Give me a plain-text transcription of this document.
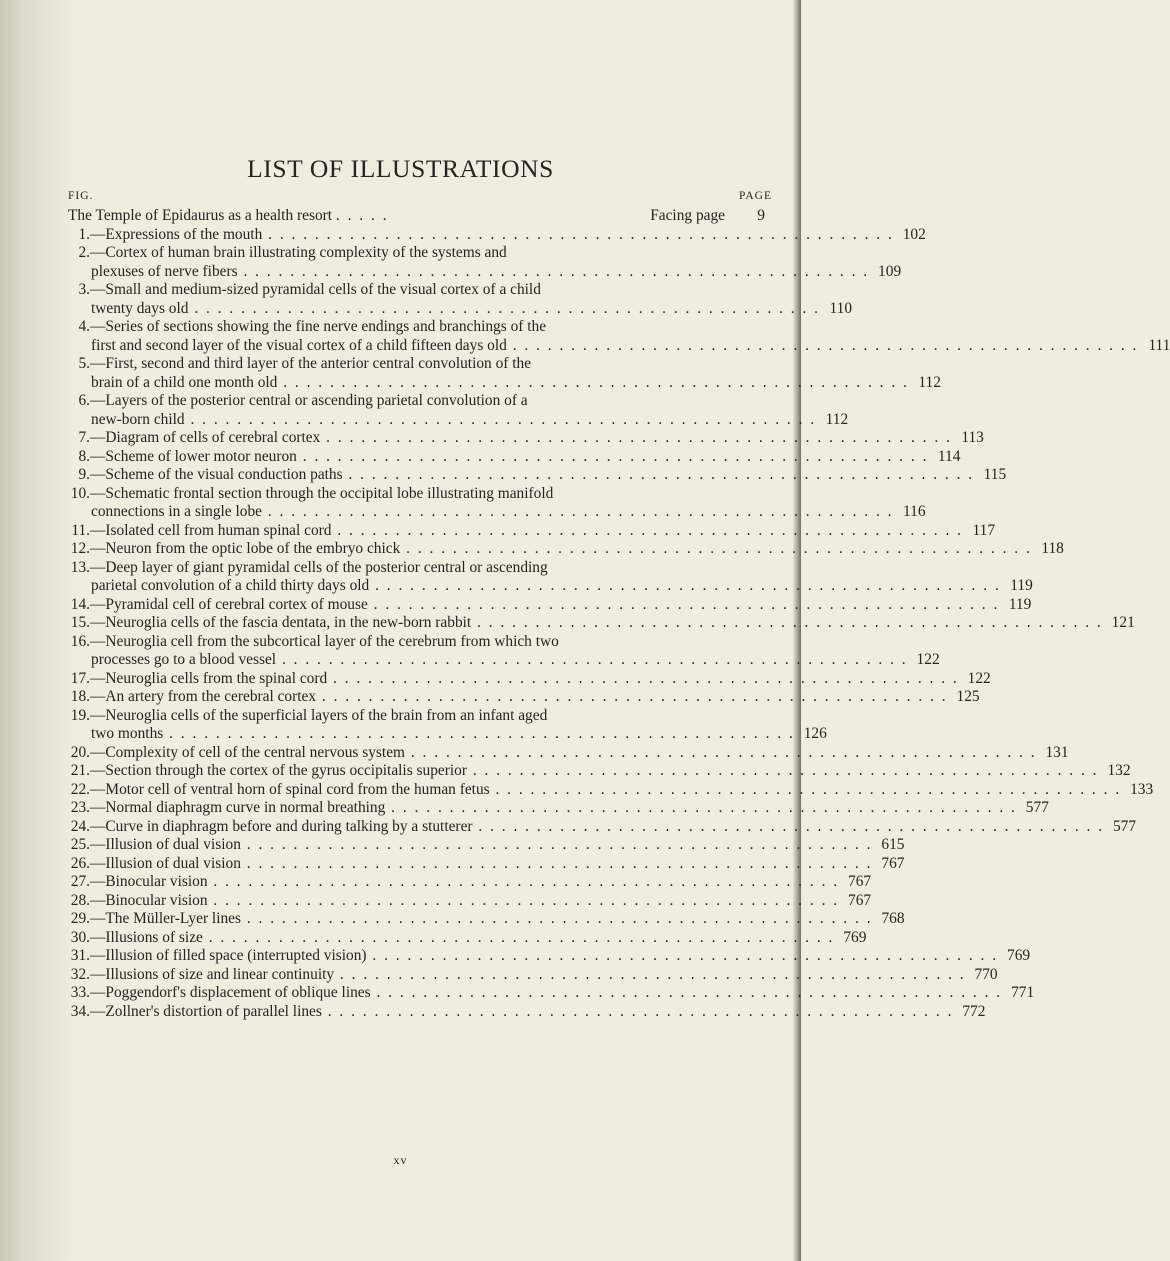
LIST OF ILLUSTRATIONS
FIG.	PAGE
The Temple of Epidaurus as a health resort . . . . .	Facing page	9
1. — Expressions of the mouth . . . . . . . . . . . . . . . . . . . . . . . . . . . . . . . . . . . . . . . . . . . . . . . . . . . . . . 102
2. — Cortex of human brain illustrating complexity of the systems and
plexuses of nerve fibers . . . . . . . . . . . . . . . . . . . . . . . . . . . . . . . . . . . . . . . . . . . . . . . . . . . . . . 109
3. — Small and medium-sized pyramidal cells of the visual cortex of a child
twenty days old . . . . . . . . . . . . . . . . . . . . . . . . . . . . . . . . . . . . . . . . . . . . . . . . . . . . . . 110
4. — Series of sections showing the fine nerve endings and branchings of the
first and second layer of the visual cortex of a child fifteen days old . . . . . . . . . . . . . . . . . . . . . . . . . . . . . . . . . . . . . . . . . . . . . . . . . . . . . . 111
5. — First, second and third layer of the anterior central convolution of the
brain of a child one month old . . . . . . . . . . . . . . . . . . . . . . . . . . . . . . . . . . . . . . . . . . . . . . . . . . . . . . 112
6. — Layers of the posterior central or ascending parietal convolution of a
new-born child . . . . . . . . . . . . . . . . . . . . . . . . . . . . . . . . . . . . . . . . . . . . . . . . . . . . . . 112
7. — Diagram of cells of cerebral cortex . . . . . . . . . . . . . . . . . . . . . . . . . . . . . . . . . . . . . . . . . . . . . . . . . . . . . . 113
8. — Scheme of lower motor neuron . . . . . . . . . . . . . . . . . . . . . . . . . . . . . . . . . . . . . . . . . . . . . . . . . . . . . . 114
9. — Scheme of the visual conduction paths . . . . . . . . . . . . . . . . . . . . . . . . . . . . . . . . . . . . . . . . . . . . . . . . . . . . . . 115
10. — Schematic frontal section through the occipital lobe illustrating manifold
connections in a single lobe . . . . . . . . . . . . . . . . . . . . . . . . . . . . . . . . . . . . . . . . . . . . . . . . . . . . . . 116
11. — Isolated cell from human spinal cord . . . . . . . . . . . . . . . . . . . . . . . . . . . . . . . . . . . . . . . . . . . . . . . . . . . . . . 117
12. — Neuron from the optic lobe of the embryo chick . . . . . . . . . . . . . . . . . . . . . . . . . . . . . . . . . . . . . . . . . . . . . . . . . . . . . . 118
13. — Deep layer of giant pyramidal cells of the posterior central or ascending
parietal convolution of a child thirty days old . . . . . . . . . . . . . . . . . . . . . . . . . . . . . . . . . . . . . . . . . . . . . . . . . . . . . . 119
14. — Pyramidal cell of cerebral cortex of mouse . . . . . . . . . . . . . . . . . . . . . . . . . . . . . . . . . . . . . . . . . . . . . . . . . . . . . . 119
15. — Neuroglia cells of the fascia dentata, in the new-born rabbit . . . . . . . . . . . . . . . . . . . . . . . . . . . . . . . . . . . . . . . . . . . . . . . . . . . . . . 121
16. — Neuroglia cell from the subcortical layer of the cerebrum from which two
processes go to a blood vessel . . . . . . . . . . . . . . . . . . . . . . . . . . . . . . . . . . . . . . . . . . . . . . . . . . . . . . 122
17. — Neuroglia cells from the spinal cord . . . . . . . . . . . . . . . . . . . . . . . . . . . . . . . . . . . . . . . . . . . . . . . . . . . . . . 122
18. — An artery from the cerebral cortex . . . . . . . . . . . . . . . . . . . . . . . . . . . . . . . . . . . . . . . . . . . . . . . . . . . . . . 125
19. — Neuroglia cells of the superficial layers of the brain from an infant aged
two months . . . . . . . . . . . . . . . . . . . . . . . . . . . . . . . . . . . . . . . . . . . . . . . . . . . . . . 126
20. — Complexity of cell of the central nervous system . . . . . . . . . . . . . . . . . . . . . . . . . . . . . . . . . . . . . . . . . . . . . . . . . . . . . . 131
21. — Section through the cortex of the gyrus occipitalis superior . . . . . . . . . . . . . . . . . . . . . . . . . . . . . . . . . . . . . . . . . . . . . . . . . . . . . . 132
22. — Motor cell of ventral horn of spinal cord from the human fetus . . . . . . . . . . . . . . . . . . . . . . . . . . . . . . . . . . . . . . . . . . . . . . . . . . . . . . 133
23. — Normal diaphragm curve in normal breathing . . . . . . . . . . . . . . . . . . . . . . . . . . . . . . . . . . . . . . . . . . . . . . . . . . . . . . 577
24. — Curve in diaphragm before and during talking by a stutterer . . . . . . . . . . . . . . . . . . . . . . . . . . . . . . . . . . . . . . . . . . . . . . . . . . . . . . 577
25. — Illusion of dual vision . . . . . . . . . . . . . . . . . . . . . . . . . . . . . . . . . . . . . . . . . . . . . . . . . . . . . . 615
26. — Illusion of dual vision . . . . . . . . . . . . . . . . . . . . . . . . . . . . . . . . . . . . . . . . . . . . . . . . . . . . . . 767
27. — Binocular vision . . . . . . . . . . . . . . . . . . . . . . . . . . . . . . . . . . . . . . . . . . . . . . . . . . . . . . 767
28. — Binocular vision . . . . . . . . . . . . . . . . . . . . . . . . . . . . . . . . . . . . . . . . . . . . . . . . . . . . . . 767
29. — The Müller-Lyer lines . . . . . . . . . . . . . . . . . . . . . . . . . . . . . . . . . . . . . . . . . . . . . . . . . . . . . . 768
30. — Illusions of size . . . . . . . . . . . . . . . . . . . . . . . . . . . . . . . . . . . . . . . . . . . . . . . . . . . . . . 769
31. — Illusion of filled space (interrupted vision) . . . . . . . . . . . . . . . . . . . . . . . . . . . . . . . . . . . . . . . . . . . . . . . . . . . . . . 769
32. — Illusions of size and linear continuity . . . . . . . . . . . . . . . . . . . . . . . . . . . . . . . . . . . . . . . . . . . . . . . . . . . . . . 770
33. — Poggendorf's displacement of oblique lines . . . . . . . . . . . . . . . . . . . . . . . . . . . . . . . . . . . . . . . . . . . . . . . . . . . . . . 771
34. — Zollner's distortion of parallel lines . . . . . . . . . . . . . . . . . . . . . . . . . . . . . . . . . . . . . . . . . . . . . . . . . . . . . . 772
xv
